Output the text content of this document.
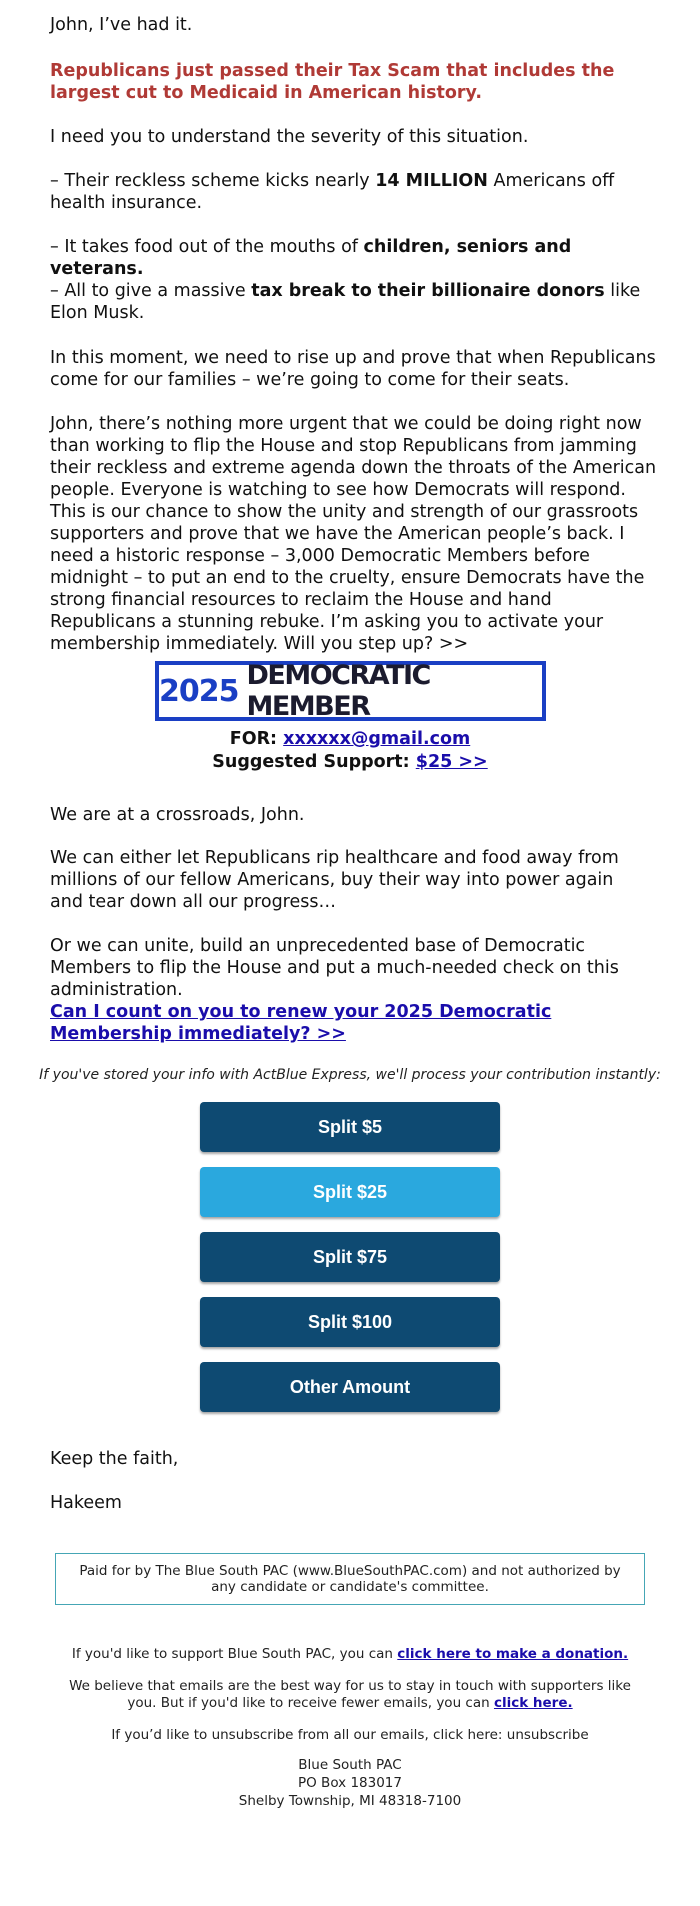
John, I’ve had it.

Republicans just passed their Tax Scam that includes the largest cut to Medicaid in American history.

I need you to understand the severity of this situation.

– Their reckless scheme kicks nearly 14 MILLION Americans off health insurance.

– It takes food out of the mouths of children, seniors and veterans.

– All to give a massive tax break to their billionaire donors like Elon Musk.

In this moment, we need to rise up and prove that when Republicans come for our families – we’re going to come for their seats.

John, there’s nothing more urgent that we could be doing right now than working to flip the House and stop Republicans from jamming their reckless and extreme agenda down the throats of the American people. Everyone is watching to see how Democrats will respond. This is our chance to show the unity and strength of our grassroots supporters and prove that we have the American people’s back. I need a historic response – 3,000 Democratic Members before midnight – to put an end to the cruelty, ensure Democrats have the strong financial resources to reclaim the House and hand Republicans a stunning rebuke. I’m asking you to activate your membership immediately. Will you step up? >>

We are at a crossroads, John.

We can either let Republicans rip healthcare and food away from millions of our fellow Americans, buy their way into power again and tear down all our progress…

Or we can unite, build an unprecedented base of Democratic Members to flip the House and put a much-needed check on this administration.

Can I count on you to renew your 2025 Democratic Membership immediately? >>

Keep the faith,

Hakeem

2025 DEMOCRATIC MEMBER
FOR: xxxxxx@gmail.com
Suggested Support: $25 >>
If you've stored your info with ActBlue Express, we'll process your contribution instantly:
Split $5
Split $25
Split $75
Split $100
Other Amount
Paid for by The Blue South PAC (www.BlueSouthPAC.com) and not authorized by any candidate or candidate's committee.
If you'd like to support Blue South PAC, you can click here to make a donation.
We believe that emails are the best way for us to stay in touch with supporters like you. But if you'd like to receive fewer emails, you can click here.
If you’d like to unsubscribe from all our emails, click here: unsubscribe
Blue South PAC
PO Box 183017
Shelby Township, MI 48318-7100
